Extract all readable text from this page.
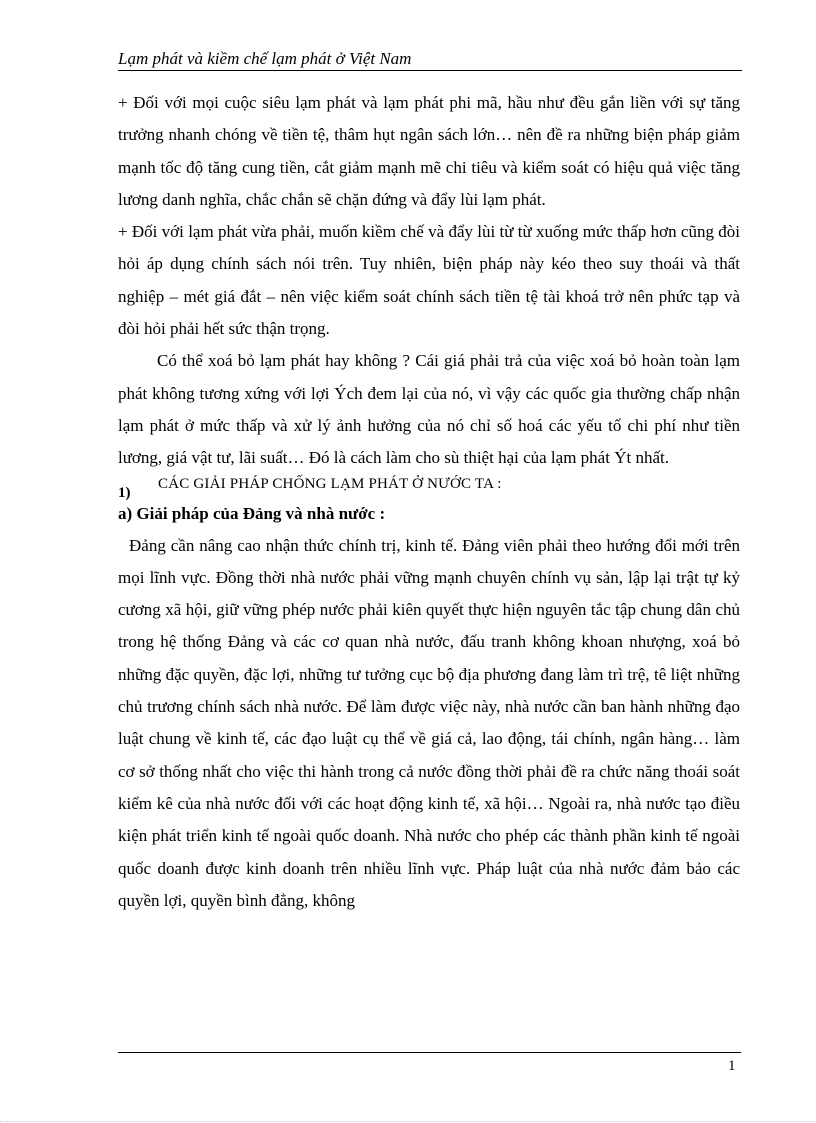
Lạm phát và kiềm chế lạm phát ở Việt Nam

+ Đối với mọi cuộc siêu lạm phát và lạm phát phi mã, hầu như đều gắn liền với sự tăng trưởng nhanh chóng về tiền tệ, thâm hụt ngân sách lớn… nên đề ra những biện pháp giảm mạnh tốc độ tăng cung tiền, cắt giảm mạnh mẽ chi tiêu và kiểm soát có hiệu quả việc tăng lương danh nghĩa, chắc chắn sẽ chặn đứng và đẩy lùi lạm phát.

+ Đối với lạm phát vừa phải, muốn kiềm chế và đẩy lùi từ từ xuống mức thấp hơn cũng đòi hỏi áp dụng chính sách nói trên. Tuy nhiên, biện pháp này kéo theo suy thoái và thất nghiệp – mét giá đắt – nên việc kiểm soát chính sách tiền tệ tài khoá trở nên phức tạp và đòi hỏi phải hết sức thận trọng.

Có thể xoá bỏ lạm phát hay không ? Cái giá phải trả của việc xoá bỏ hoàn toàn lạm phát không tương xứng với lợi Ých đem lại của nó, vì vậy các quốc gia thường chấp nhận lạm phát ở mức thấp và xử lý ảnh hưởng của nó chỉ số hoá các yếu tố chi phí như tiền lương, giá vật tư, lãi suất… Đó là cách làm cho sù thiệt hại của lạm phát Ýt nhất.

1)
CÁC GIẢI PHÁP CHỐNG LẠM PHÁT Ở NƯỚC TA :

a) Giải pháp của Đảng và nhà nước :

Đảng cần nâng cao nhận thức chính trị, kinh tế. Đảng viên phải theo hướng đổi mới trên mọi lĩnh vực. Đồng thời nhà nước phải vững mạnh chuyên chính vụ sản, lập lại trật tự kỷ cương xã hội, giữ vững phép nước phải kiên quyết thực hiện nguyên tắc tập chung dân chủ trong hệ thống Đảng và các cơ quan nhà nước, đấu tranh không khoan nhượng, xoá bỏ những đặc quyền, đặc lợi, những tư tưởng cục bộ địa phương đang làm trì trệ, tê liệt những chủ trương chính sách nhà nước. Để làm được việc này, nhà nước cần ban hành những đạo luật chung về kinh tế, các đạo luật cụ thể về giá cả, lao động, tái chính, ngân hàng… làm cơ sở thống nhất cho việc thi hành trong cả nước đồng thời phải đề ra chức năng thoái soát kiểm kê của nhà nước đối với các hoạt động kinh tế, xã hội… Ngoài ra, nhà nước tạo điều kiện phát triển kinh tế ngoài quốc doanh. Nhà nước cho phép các thành phần kinh tế ngoài quốc doanh được kinh doanh trên nhiều lĩnh vực. Pháp luật của nhà nước đảm bảo các quyền lợi, quyền bình đẳng, không

1
